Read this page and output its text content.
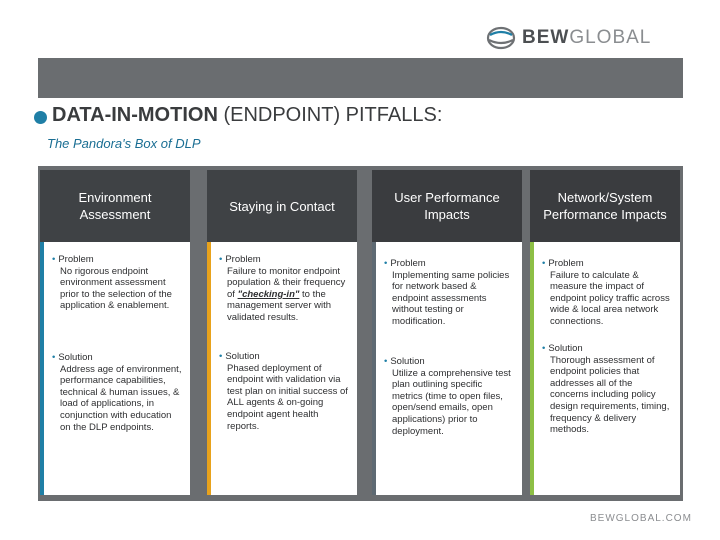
BEWGLOBAL
DATA-IN-MOTION (ENDPOINT) PITFALLS:
The Pandora's Box of DLP
Environment Assessment
• Problem
No rigorous endpoint environment assessment prior to the selection of the application & enablement.
• Solution
Address age of environment, performance capabilities, technical & human issues, & load of applications, in conjunction with education on the DLP endpoints.
Staying in Contact
• Problem
Failure to monitor endpoint population & their frequency of "checking-in" to the management server with validated results.
• Solution
Phased deployment of endpoint with validation via test plan on initial success of ALL agents & on-going endpoint agent health reports.
User Performance Impacts
• Problem
Implementing same policies for network based & endpoint assessments without testing or modification.
• Solution
Utilize a comprehensive test plan outlining specific metrics (time to open files, open/send emails, open applications) prior to deployment.
Network/System Performance Impacts
• Problem
Failure to calculate & measure the impact of endpoint policy traffic across wide & local area network connections.
• Solution
Thorough assessment of endpoint policies that addresses all of the concerns including policy design requirements, timing, frequency & delivery methods.
BEWGLOBAL.COM
